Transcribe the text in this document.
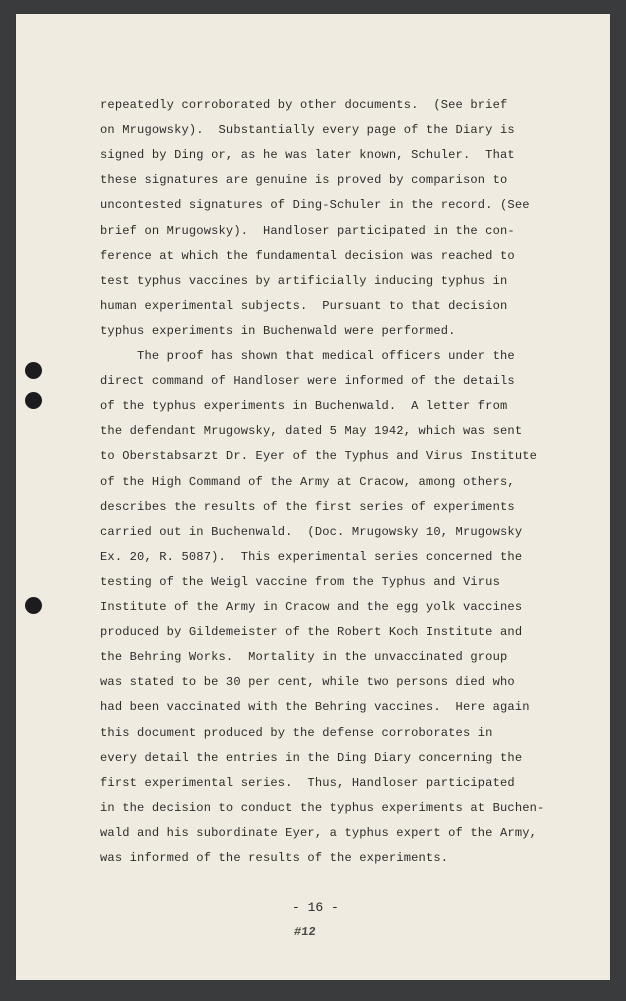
repeatedly corroborated by other documents.  (See brief
on Mrugowsky).  Substantially every page of the Diary is
signed by Ding or, as he was later known, Schuler.  That
these signatures are genuine is proved by comparison to
uncontested signatures of Ding-Schuler in the record. (See
brief on Mrugowsky).  Handloser participated in the con-
ference at which the fundamental decision was reached to
test typhus vaccines by artificially inducing typhus in
human experimental subjects.  Pursuant to that decision
typhus experiments in Buchenwald were performed.
The proof has shown that medical officers under the
direct command of Handloser were informed of the details
of the typhus experiments in Buchenwald.  A letter from
the defendant Mrugowsky, dated 5 May 1942, which was sent
to Oberstabsarzt Dr. Eyer of the Typhus and Virus Institute
of the High Command of the Army at Cracow, among others,
describes the results of the first series of experiments
carried out in Buchenwald.  (Doc. Mrugowsky 10, Mrugowsky
Ex. 20, R. 5087).  This experimental series concerned the
testing of the Weigl vaccine from the Typhus and Virus
Institute of the Army in Cracow and the egg yolk vaccines
produced by Gildemeister of the Robert Koch Institute and
the Behring Works.  Mortality in the unvaccinated group
was stated to be 30 per cent, while two persons died who
had been vaccinated with the Behring vaccines.  Here again
this document produced by the defense corroborates in
every detail the entries in the Ding Diary concerning the
first experimental series.  Thus, Handloser participated
in the decision to conduct the typhus experiments at Buchen-
wald and his subordinate Eyer, a typhus expert of the Army,
was informed of the results of the experiments.
- 16 -
#12
